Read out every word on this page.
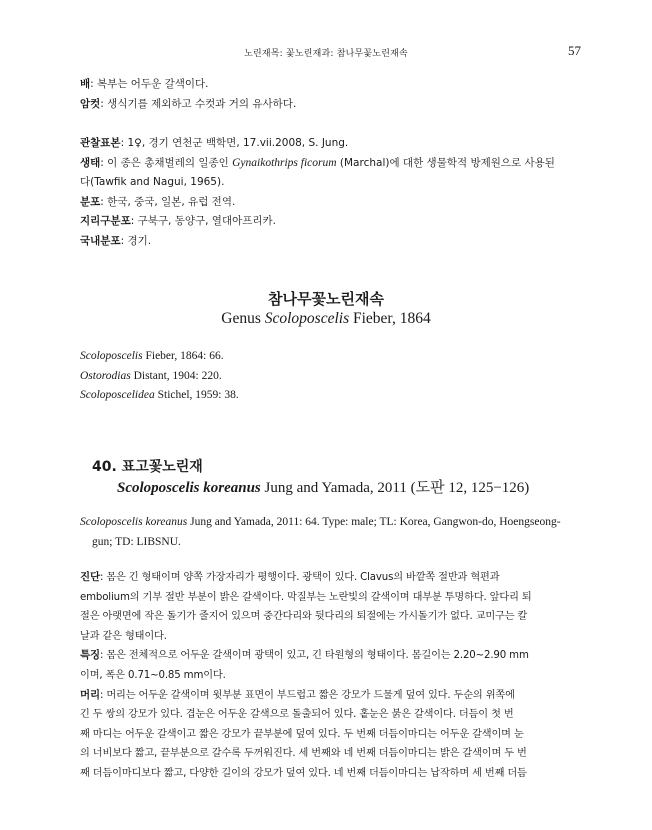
노린재목: 꽃노린재과: 참나무꽃노린재속	57
배: 복부는 어두운 갈색이다.
암컷: 생식기를 제외하고 수컷과 거의 유사하다.
관찰표본: 1♀, 경기 연천군 백학면, 17.vii.2008, S. Jung.
생태: 이 종은 총채벌레의 일종인 Gynaikothrips ficorum (Marchal)에 대한 생물학적 방제원으로 사용된
다(Tawfik and Nagui, 1965).
분포: 한국, 중국, 일본, 유럽 전역.
지리구분포: 구북구, 동양구, 열대아프리카.
국내분포: 경기.
참나무꽃노린재속
Genus Scoloposcelis Fieber, 1864
Scoloposcelis Fieber, 1864: 66.
Ostorodias Distant, 1904: 220.
Scoloposcelidea Stichel, 1959: 38.
40. 표고꽃노린재
Scoloposcelis koreanus Jung and Yamada, 2011 (도판 12, 125−126)
Scoloposcelis koreanus Jung and Yamada, 2011: 64. Type: male; TL: Korea, Gangwon-do, Hoengseong-
gun; TD: LIBSNU.
진단: 몸은 긴 형태이며 양쪽 가장자리가 평행이다. 광택이 있다. Clavus의 바깥쪽 절반과 혁편과
embolium의 기부 절반 부분이 밝은 갈색이다. 막질부는 노란빛의 갈색이며 대부분 투명하다. 앞다리 퇴
절은 아랫면에 작은 돌기가 줄지어 있으며 중간다리와 뒷다리의 퇴절에는 가시돌기가 없다. 교미구는 칼
날과 같은 형태이다.
특징: 몸은 전체적으로 어두운 갈색이며 광택이 있고, 긴 타원형의 형태이다. 몸길이는 2.20~2.90 mm
이며, 폭은 0.71~0.85 mm이다.
머리: 머리는 어두운 갈색이며 윗부분 표면이 부드럽고 짧은 강모가 드물게 덮여 있다. 두순의 위쪽에
긴 두 쌍의 강모가 있다. 겹눈은 어두운 갈색으로 돌출되어 있다. 홑눈은 붉은 갈색이다. 더듬이 첫 번
째 마디는 어두운 갈색이고 짧은 강모가 끝부분에 덮여 있다. 두 번째 더듬이마디는 어두운 갈색이며 눈
의 너비보다 짧고, 끝부분으로 갈수록 두꺼워진다. 세 번째와 네 번째 더듬이마디는 밝은 갈색이며 두 번
째 더듬이마디보다 짧고, 다양한 길이의 강모가 덮여 있다. 네 번째 더듬이마디는 납작하며 세 번째 더듬
